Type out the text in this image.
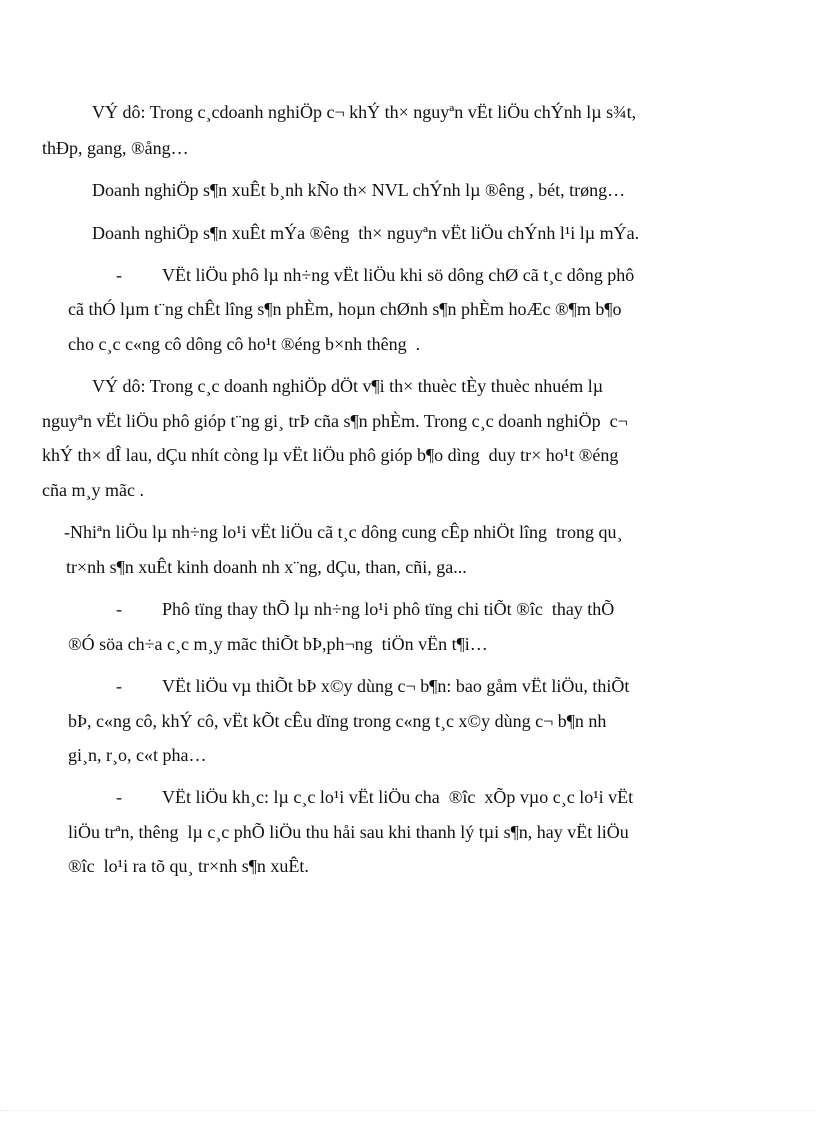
VÝ dô: Trong c¸cdoanh nghiÖp c¬ khÝ th× nguyªn vËt liÖu chÝnh lµ s¾t,
thÐp, gang, ®ång…
Doanh nghiÖp s¶n xuÊt b¸nh kÑo th× NVL chÝnh lµ ®êng , bét, trøng…
Doanh nghiÖp s¶n xuÊt mÝa ®êng  th× nguyªn vËt liÖu chÝnh l¹i lµ mÝa.
- VËt liÖu phô lµ nh÷ng vËt liÖu khi sö dông chØ cã t¸c dông phô
cã thÓ lµm t¨ng chÊt lîng s¶n phÈm, hoµn chØnh s¶n phÈm hoÆc ®¶m b¶o
cho c¸c c«ng cô dông cô ho¹t ®éng b×nh thêng  .
VÝ dô: Trong c¸c doanh nghiÖp dÖt v¶i th× thuèc tÈy thuèc nhuém lµ
nguyªn vËt liÖu phô gióp t¨ng gi¸ trÞ cña s¶n phÈm. Trong c¸c doanh nghiÖp  c¬
khÝ th× dÎ lau, dÇu nhít còng lµ vËt liÖu phô gióp b¶o dìng  duy tr× ho¹t ®éng
cña m¸y mãc .
-Nhiªn liÖu lµ nh÷ng lo¹i vËt liÖu cã t¸c dông cung cÊp nhiÖt lîng  trong qu¸
tr×nh s¶n xuÊt kinh doanh nh x¨ng, dÇu, than, cñi, ga...
- Phô tïng thay thÕ lµ nh÷ng lo¹i phô tïng chi tiÕt ®îc  thay thÕ
®Ó söa ch÷a c¸c m¸y mãc thiÕt bÞ,ph¬ng  tiÖn vËn t¶i…
- VËt liÖu vµ thiÕt bÞ x©y dùng c¬ b¶n: bao gåm vËt liÖu, thiÕt
bÞ, c«ng cô, khÝ cô, vËt kÕt cÊu dïng trong c«ng t¸c x©y dùng c¬ b¶n nh
gi¸n, r¸o, c«t pha…
- VËt liÖu kh¸c: lµ c¸c lo¹i vËt liÖu cha  ®îc  xÕp vµo c¸c lo¹i vËt
liÖu trªn, thêng  lµ c¸c phÕ liÖu thu håi sau khi thanh lý tµi s¶n, hay vËt liÖu
®îc  lo¹i ra tõ qu¸ tr×nh s¶n xuÊt.
